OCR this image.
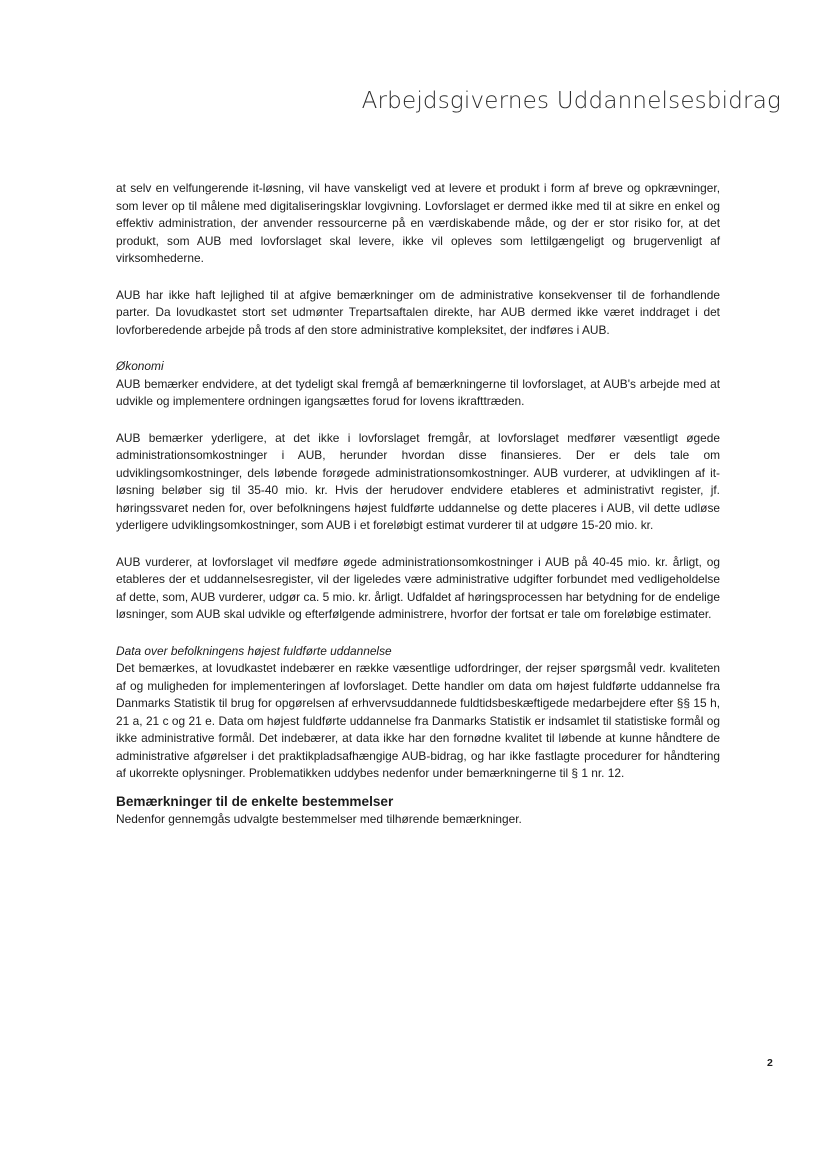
Arbejdsgivernes Uddannelsesbidrag

at selv en velfungerende it-løsning, vil have vanskeligt ved at levere et produkt i form af breve og opkrævninger, som lever op til målene med digitaliseringsklar lovgivning. Lovforslaget er dermed ikke med til at sikre en enkel og effektiv administration, der anvender ressourcerne på en værdiskabende måde, og der er stor risiko for, at det produkt, som AUB med lovforslaget skal levere, ikke vil opleves som lettilgængeligt og brugervenligt af virksomhederne.

AUB har ikke haft lejlighed til at afgive bemærkninger om de administrative konsekvenser til de forhandlende parter. Da lovudkastet stort set udmønter Trepartsaftalen direkte, har AUB dermed ikke været inddraget i det lovforberedende arbejde på trods af den store administrative kompleksitet, der indføres i AUB.

Økonomi

AUB bemærker endvidere, at det tydeligt skal fremgå af bemærkningerne til lovforslaget, at AUB's arbejde med at udvikle og implementere ordningen igangsættes forud for lovens ikrafttræden.

AUB bemærker yderligere, at det ikke i lovforslaget fremgår, at lovforslaget medfører væsentligt øgede administrationsomkostninger i AUB, herunder hvordan disse finansieres. Der er dels tale om udviklingsomkostninger, dels løbende forøgede administrationsomkostninger. AUB vurderer, at udviklingen af it-løsning beløber sig til 35-40 mio. kr. Hvis der herudover endvidere etableres et administrativt register, jf. høringssvaret neden for, over befolkningens højest fuldførte uddannelse og dette placeres i AUB, vil dette udløse yderligere udviklingsomkostninger, som AUB i et foreløbigt estimat vurderer til at udgøre 15-20 mio. kr.

AUB vurderer, at lovforslaget vil medføre øgede administrationsomkostninger i AUB på 40-45 mio. kr. årligt, og etableres der et uddannelsesregister, vil der ligeledes være administrative udgifter forbundet med vedligeholdelse af dette, som, AUB vurderer, udgør ca. 5 mio. kr. årligt. Udfaldet af høringsprocessen har betydning for de endelige løsninger, som AUB skal udvikle og efterfølgende administrere, hvorfor der fortsat er tale om foreløbige estimater.

Data over befolkningens højest fuldførte uddannelse

Det bemærkes, at lovudkastet indebærer en række væsentlige udfordringer, der rejser spørgsmål vedr. kvaliteten af og muligheden for implementeringen af lovforslaget. Dette handler om data om højest fuldførte uddannelse fra Danmarks Statistik til brug for opgørelsen af erhvervsuddannede fuldtidsbeskæftigede medarbejdere efter §§ 15 h, 21 a, 21 c og 21 e. Data om højest fuldførte uddannelse fra Danmarks Statistik er indsamlet til statistiske formål og ikke administrative formål. Det indebærer, at data ikke har den fornødne kvalitet til løbende at kunne håndtere de administrative afgørelser i det praktikpladsafhængige AUB-bidrag, og har ikke fastlagte procedurer for håndtering af ukorrekte oplysninger. Problematikken uddybes nedenfor under bemærkningerne til § 1 nr. 12.

Bemærkninger til de enkelte bestemmelser

Nedenfor gennemgås udvalgte bestemmelser med tilhørende bemærkninger.

2
